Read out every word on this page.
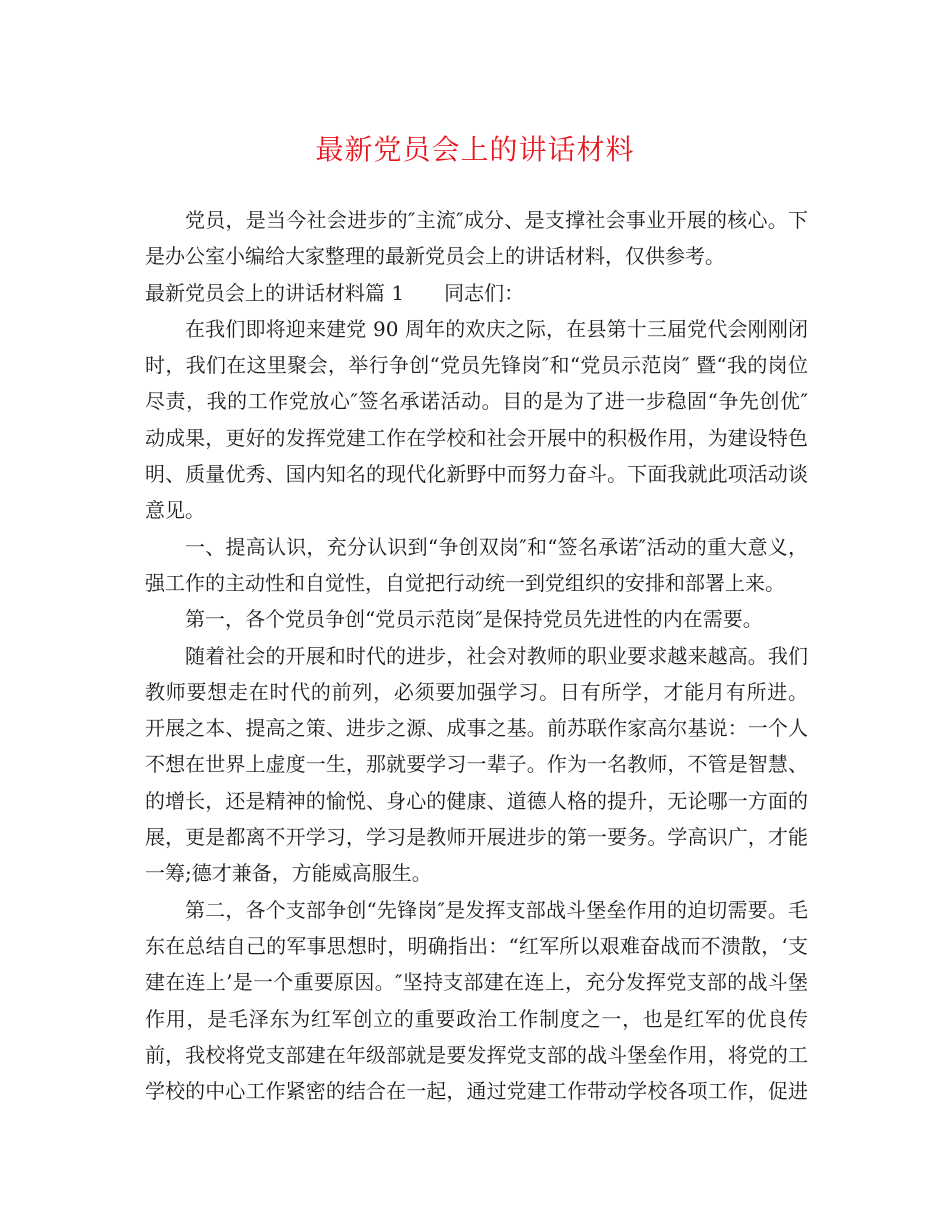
最新党员会上的讲话材料
党员，是当今社会进步的″主流″成分、是支撑社会事业开展的核心。下
是办公室小编给大家整理的最新党员会上的讲话材料，仅供参考。
最新党员会上的讲话材料篇 1　　同志们：
在我们即将迎来建党 90 周年的欢庆之际，在县第十三届党代会刚刚闭
时，我们在这里聚会，举行争创“党员先锋岗″和“党员示范岗″ 暨“我的岗位
尽责，我的工作党放心″签名承诺活动。目的是为了进一步稳固“争先创优″
动成果，更好的发挥党建工作在学校和社会开展中的积极作用，为建设特色
明、质量优秀、国内知名的现代化新野中而努力奋斗。下面我就此项活动谈
意见。
一、提高认识，充分认识到“争创双岗″和“签名承诺″活动的重大意义，
强工作的主动性和自觉性，自觉把行动统一到党组织的安排和部署上来。
第一，各个党员争创“党员示范岗″是保持党员先进性的内在需要。
随着社会的开展和时代的进步，社会对教师的职业要求越来越高。我们
教师要想走在时代的前列，必须要加强学习。日有所学，才能月有所进。
开展之本、提高之策、进步之源、成事之基。前苏联作家高尔基说：一个人
不想在世界上虚度一生，那就要学习一辈子。作为一名教师，不管是智慧、
的增长，还是精神的愉悦、身心的健康、道德人格的提升，无论哪一方面的
展，更是都离不开学习，学习是教师开展进步的第一要务。学高识广，才能
一筹;德才兼备，方能威高服生。
第二，各个支部争创“先锋岗″是发挥支部战斗堡垒作用的迫切需要。毛
东在总结自己的军事思想时，明确指出：“红军所以艰难奋战而不溃散，‘支
建在连上’是一个重要原因。″坚持支部建在连上，充分发挥党支部的战斗堡
作用，是毛泽东为红军创立的重要政治工作制度之一，也是红军的优良传
前，我校将党支部建在年级部就是要发挥党支部的战斗堡垒作用，将党的工
学校的中心工作紧密的结合在一起，通过党建工作带动学校各项工作，促进
